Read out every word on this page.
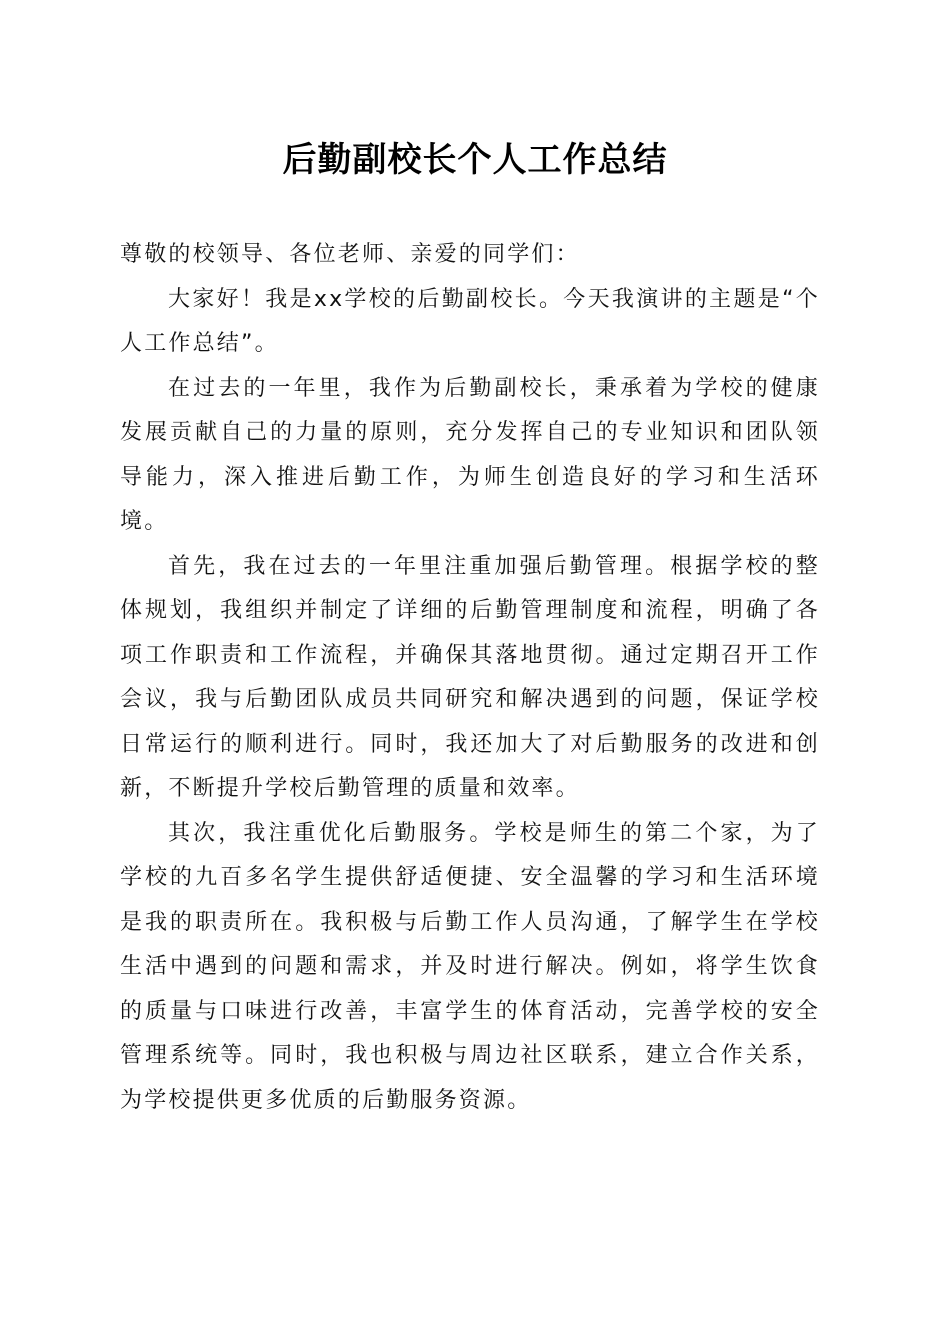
后勤副校长个人工作总结

尊敬的校领导、各位老师、亲爱的同学们：

大家好！我是xx学校的后勤副校长。今天我演讲的主题是“个人工作总结”。

在过去的一年里，我作为后勤副校长，秉承着为学校的健康发展贡献自己的力量的原则，充分发挥自己的专业知识和团队领导能力，深入推进后勤工作，为师生创造良好的学习和生活环境。

首先，我在过去的一年里注重加强后勤管理。根据学校的整体规划，我组织并制定了详细的后勤管理制度和流程，明确了各项工作职责和工作流程，并确保其落地贯彻。通过定期召开工作会议，我与后勤团队成员共同研究和解决遇到的问题，保证学校日常运行的顺利进行。同时，我还加大了对后勤服务的改进和创新，不断提升学校后勤管理的质量和效率。

其次，我注重优化后勤服务。学校是师生的第二个家，为了学校的九百多名学生提供舒适便捷、安全温馨的学习和生活环境是我的职责所在。我积极与后勤工作人员沟通，了解学生在学校生活中遇到的问题和需求，并及时进行解决。例如，将学生饮食的质量与口味进行改善，丰富学生的体育活动，完善学校的安全管理系统等。同时，我也积极与周边社区联系，建立合作关系，为学校提供更多优质的后勤服务资源。
